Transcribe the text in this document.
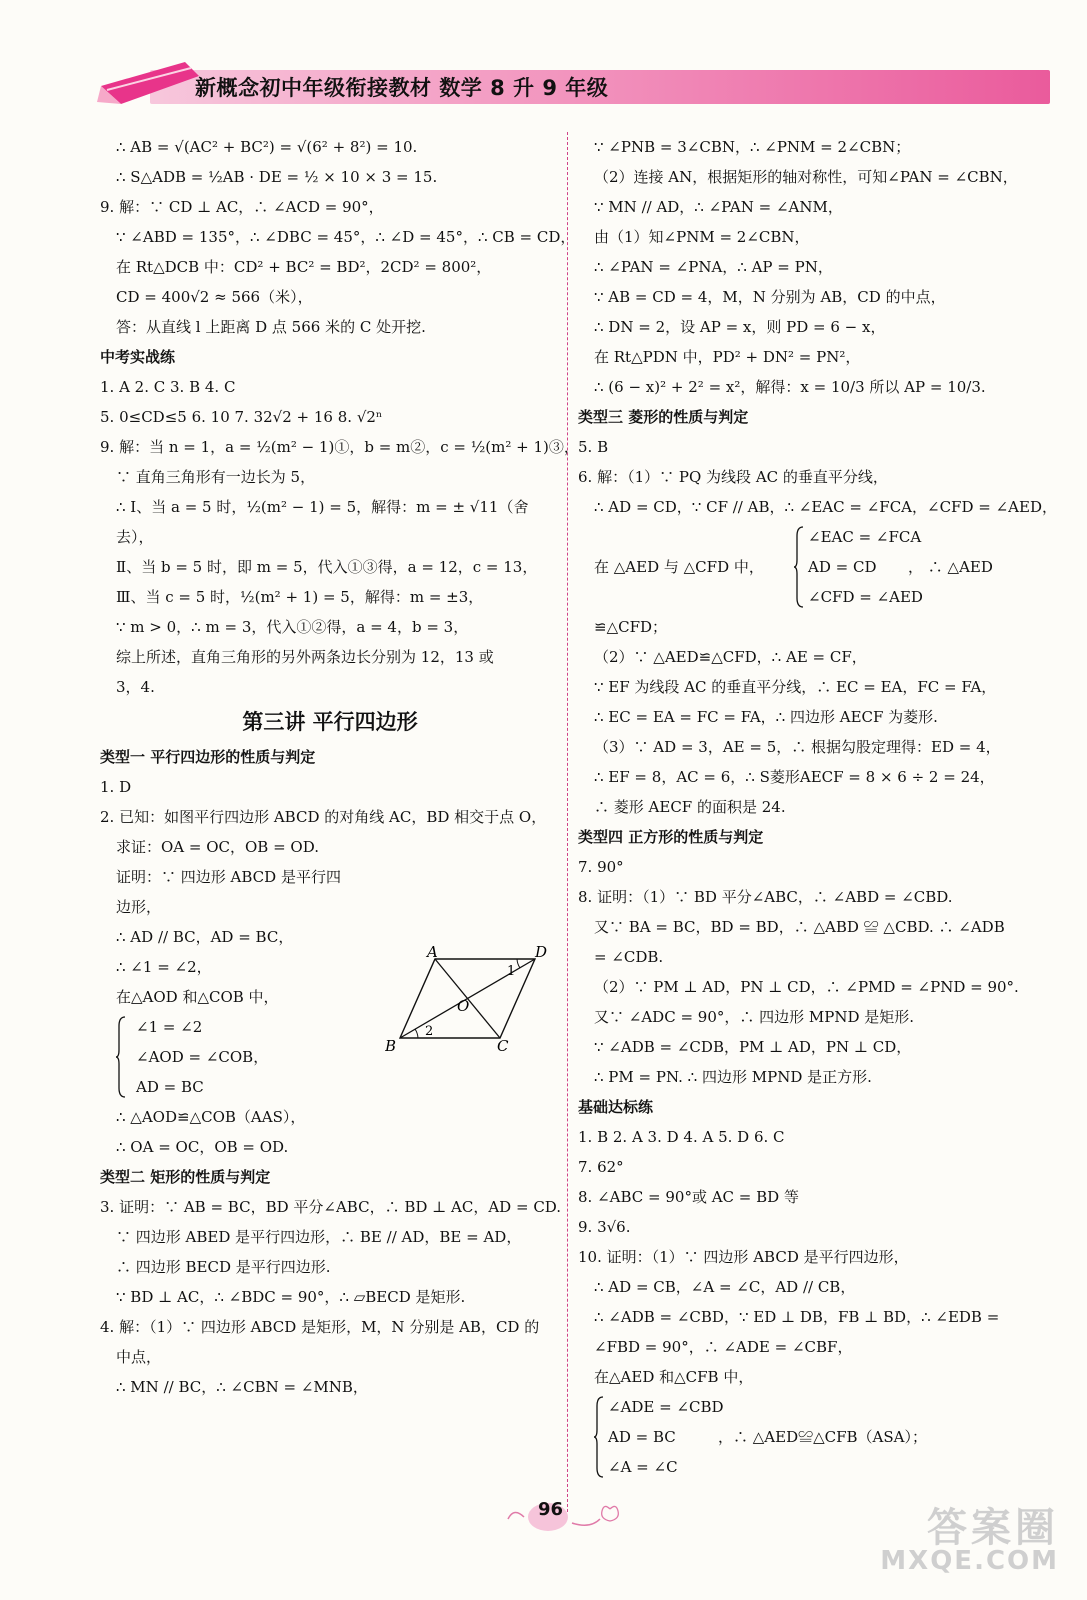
新概念初中年级衔接教材 数学 8 升 9 年级
∴ AB = √(AC² + BC²) = √(6² + 8²) = 10.
∴ S△ADB = ½AB · DE = ½ × 10 × 3 = 15.
9. 解：∵ CD ⊥ AC，∴ ∠ACD = 90°，
∵ ∠ABD = 135°，∴ ∠DBC = 45°，∴ ∠D = 45°，∴ CB = CD，
在 Rt△DCB 中：CD² + BC² = BD²，2CD² = 800²，
CD = 400√2 ≈ 566（米），
答：从直线 l 上距离 D 点 566 米的 C 处开挖.
中考实战练
1. A 2. C 3. B 4. C
5. 0≤CD≤5 6. 10 7. 32√2 + 16 8. √2ⁿ
9. 解：当 n = 1，a = ½(m² − 1)①，b = m②，c = ½(m² + 1)③，
∵ 直角三角形有一边长为 5，
∴ Ⅰ、当 a = 5 时，½(m² − 1) = 5，解得：m = ± √11（舍
去），
Ⅱ、当 b = 5 时，即 m = 5，代入①③得，a = 12，c = 13，
Ⅲ、当 c = 5 时，½(m² + 1) = 5，解得：m = ±3，
∵ m > 0，∴ m = 3，代入①②得，a = 4，b = 3，
综上所述，直角三角形的另外两条边长分别为 12，13 或
3，4.
第三讲 平行四边形
类型一 平行四边形的性质与判定
1. D
2. 已知：如图平行四边形 ABCD 的对角线 AC，BD 相交于点 O，
求证：OA = OC，OB = OD.
证明：∵ 四边形 ABCD 是平行四
边形，
∴ AD // BC，AD = BC，
∴ ∠1 = ∠2，
在△AOD 和△COB 中，
∠1 = ∠2
∠AOD = ∠COB，
AD = BC
∴ △AOD≌△COB（AAS），
∴ OA = OC，OB = OD.
类型二 矩形的性质与判定
3. 证明：∵ AB = BC，BD 平分∠ABC，∴ BD ⊥ AC，AD = CD.
∵ 四边形 ABED 是平行四边形，∴ BE // AD，BE = AD，
∴ 四边形 BECD 是平行四边形.
∵ BD ⊥ AC，∴ ∠BDC = 90°，∴ ▱BECD 是矩形.
4. 解：（1）∵ 四边形 ABCD 是矩形，M，N 分别是 AB，CD 的
中点，
∴ MN // BC，∴ ∠CBN = ∠MNB，
A	D
B	C
O
1
2
∵ ∠PNB = 3∠CBN，∴ ∠PNM = 2∠CBN；
（2）连接 AN，根据矩形的轴对称性，可知∠PAN = ∠CBN，
∵ MN // AD，∴ ∠PAN = ∠ANM，
由（1）知∠PNM = 2∠CBN，
∴ ∠PAN = ∠PNA，∴ AP = PN，
∵ AB = CD = 4，M，N 分别为 AB，CD 的中点，
∴ DN = 2，设 AP = x，则 PD = 6 − x，
在 Rt△PDN 中，PD² + DN² = PN²，
∴ (6 − x)² + 2² = x²，解得：x = 10/3 所以 AP = 10/3.
类型三 菱形的性质与判定
5. B
6. 解：（1）∵ PQ 为线段 AC 的垂直平分线，
∴ AD = CD，∵ CF // AB，∴ ∠EAC = ∠FCA，∠CFD = ∠AED，
在 △AED 与 △CFD 中，
∠EAC = ∠FCA
AD = CD
∠CFD = ∠AED
， ∴ △AED
≌△CFD；
（2）∵ △AED≌△CFD，∴ AE = CF，
∵ EF 为线段 AC 的垂直平分线，∴ EC = EA，FC = FA，
∴ EC = EA = FC = FA，∴ 四边形 AECF 为菱形.
（3）∵ AD = 3，AE = 5，∴ 根据勾股定理得：ED = 4，
∴ EF = 8，AC = 6，∴ S菱形AECF = 8 × 6 ÷ 2 = 24，
∴ 菱形 AECF 的面积是 24.
类型四 正方形的性质与判定
7. 90°
8. 证明：（1）∵ BD 平分∠ABC，∴ ∠ABD = ∠CBD.
又∵ BA = BC，BD = BD，∴ △ABD ≌ △CBD. ∴ ∠ADB
= ∠CDB.
（2）∵ PM ⊥ AD，PN ⊥ CD，∴ ∠PMD = ∠PND = 90°.
又∵ ∠ADC = 90°，∴ 四边形 MPND 是矩形.
∵ ∠ADB = ∠CDB，PM ⊥ AD，PN ⊥ CD，
∴ PM = PN. ∴ 四边形 MPND 是正方形.
基础达标练
1. B 2. A 3. D 4. A 5. D 6. C
7. 62°
8. ∠ABC = 90°或 AC = BD 等
9. 3√6.
10. 证明：（1）∵ 四边形 ABCD 是平行四边形，
∴ AD = CB，∠A = ∠C，AD // CB，
∴ ∠ADB = ∠CBD，∵ ED ⊥ DB，FB ⊥ BD，∴ ∠EDB =
∠FBD = 90°，∴ ∠ADE = ∠CBF，
在△AED 和△CFB 中，
∠ADE = ∠CBD
AD = BC
∠A = ∠C
，∴ △AED≌△CFB（ASA）；
96	答案圈
MXQE.COM
